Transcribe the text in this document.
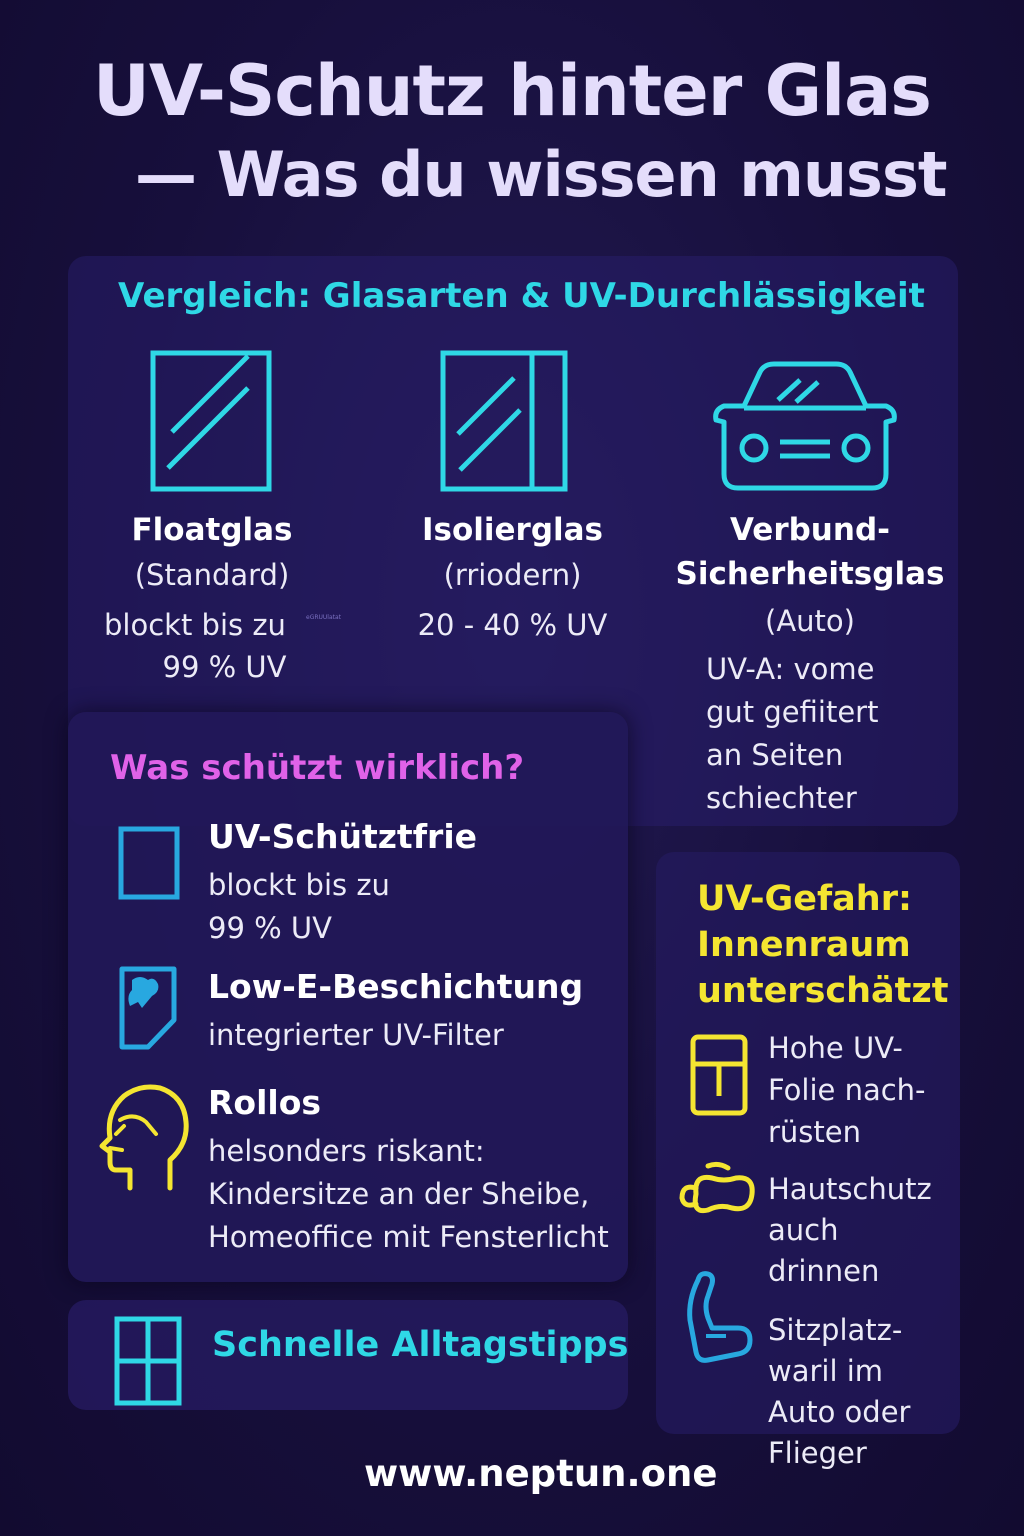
UV-Schutz hinter Glas
— Was du wissen musst
Vergleich: Glasarten & UV-Durchlässigkeit
Floatglas
(Standard)
blockt bis zu	eGRUUlatat
99 % UV
Isolierglas
(rriodern)
20 - 40 % UV
Verbund-
Sicherheitsglas
(Auto)
UV-A: vome
gut gefiitert
an Seiten
schiechter
Was schützt wirklich?
UV-Schütztfrie
blockt bis zu
99 % UV
Low-E-Beschichtung
integrierter UV-Filter
Rollos
helsonders riskant:
Kindersitze an der Sheibe,
Homeoffice mit Fensterlicht
Schnelle Alltagstipps
UV-Gefahr:
Innenraum
unterschätzt
Hohe UV-
Folie nach-
rüsten
Hautschutz
auch
drinnen
Sitzplatz-
waril im
Auto oder
Flieger
www.neptun.one
